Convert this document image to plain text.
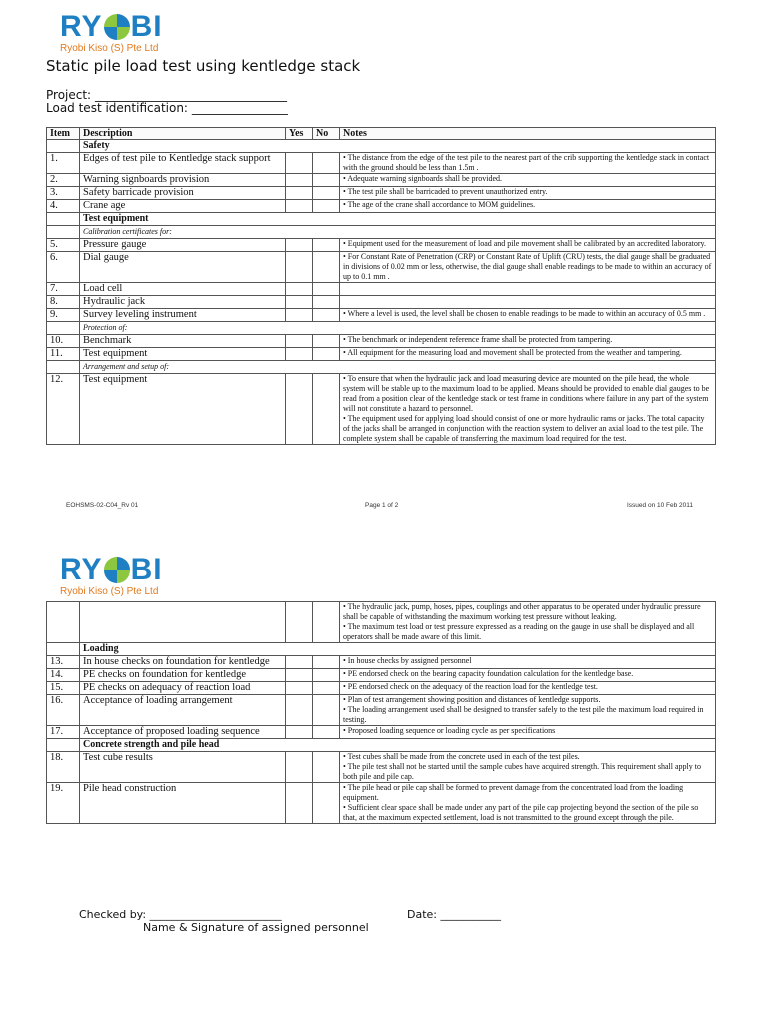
RY BI
Ryobi Kiso (S) Pte Ltd
Static pile load test using kentledge stack
Project: ________________________________
Load test identification: ________________
Item	Description	Yes	No	Notes
	Safety			
1.	Edges of test pile to Kentledge stack support			• The distance from the edge of the test pile to the nearest part of the crib supporting the kentledge stack in contact with the ground should be less than 1.5m .

2.	Warning signboards provision			• Adequate warning signboards shall be provided.

3.	Safety barricade provision			• The test pile shall be barricaded to prevent unauthorized entry.

4.	Crane age			• The age of the crane shall accordance to MOM guidelines.

	Test equipment			
	Calibration certificates for:			
5.	Pressure gauge			• Equipment used for the measurement of load and pile movement shall be calibrated by an accredited laboratory.

6.	Dial gauge			• For Constant Rate of Penetration (CRP) or Constant Rate of Uplift (CRU) tests, the dial gauge shall be graduated in divisions of 0.02 mm or less, otherwise, the dial gauge shall enable readings to be made to within an accuracy of up to 0.1 mm .

7.	Load cell			
8.	Hydraulic jack			
9.	Survey leveling instrument			• Where a level is used, the level shall be chosen to enable readings to be made to within an accuracy of 0.5 mm .

	Protection of:			
10.	Benchmark			• The benchmark or independent reference frame shall be protected from tampering.

11.	Test equipment			• All equipment for the measuring load and movement shall be protected from the weather and tampering.

	Arrangement and setup of:			
12.	Test equipment			• To ensure that when the hydraulic jack and load measuring device are mounted on the pile head, the whole system will be stable up to the maximum load to be applied. Means should be provided to enable dial gauges to be read from a position clear of the kentledge stack or test frame in conditions where failure in any part of the system will not constitute a hazard to personnel.
• The equipment used for applying load should consist of one or more hydraulic rams or jacks. The total capacity of the jacks shall be arranged in conjunction with the reaction system to deliver an axial load to the test pile. The complete system shall be capable of transferring the maximum load required for the test.
EOHSMS-02-C04_Rv 01	Page 1 of 2	Issued on 10 Feb 2011
RY BI
Ryobi Kiso (S) Pte Ltd

				• The hydraulic jack, pump, hoses, pipes, couplings and other apparatus to be operated under hydraulic pressure shall be capable of withstanding the maximum working test pressure without leaking.
• The maximum test load or test pressure expressed as a reading on the gauge in use shall be displayed and all operators shall be made aware of this limit.

	Loading			
13.	In house checks on foundation for kentledge			• In house checks by assigned personnel

14.	PE checks on foundation for kentledge			• PE endorsed check on the bearing capacity foundation calculation for the kentledge base.

15.	PE checks on adequacy of reaction load			• PE endorsed check on the adequacy of the reaction load for the kentledge test.

16.	Acceptance of loading arrangement			• Plan of test arrangement showing position and distances of kentledge supports.
• The loading arrangement used shall be designed to transfer safely to the test pile the maximum load required in testing.

17.	Acceptance of proposed loading sequence			• Proposed loading sequence or loading cycle as per specifications

	Concrete strength and pile head			
18.	Test cube results			• Test cubes shall be made from the concrete used in each of the test piles.
• The pile test shall not be started until the sample cubes have acquired strength. This requirement shall apply to both pile and pile cap.

19.	Pile head construction			• The pile head or pile cap shall be formed to prevent damage from the concentrated load from the loading equipment.
• Sufficient clear space shall be made under any part of the pile cap projecting beyond the section of the pile so that, at the maximum expected settlement, load is not transmitted to the ground except through the pile.
Checked by: ________________________
Name & Signature of assigned personnel
Date: ___________
